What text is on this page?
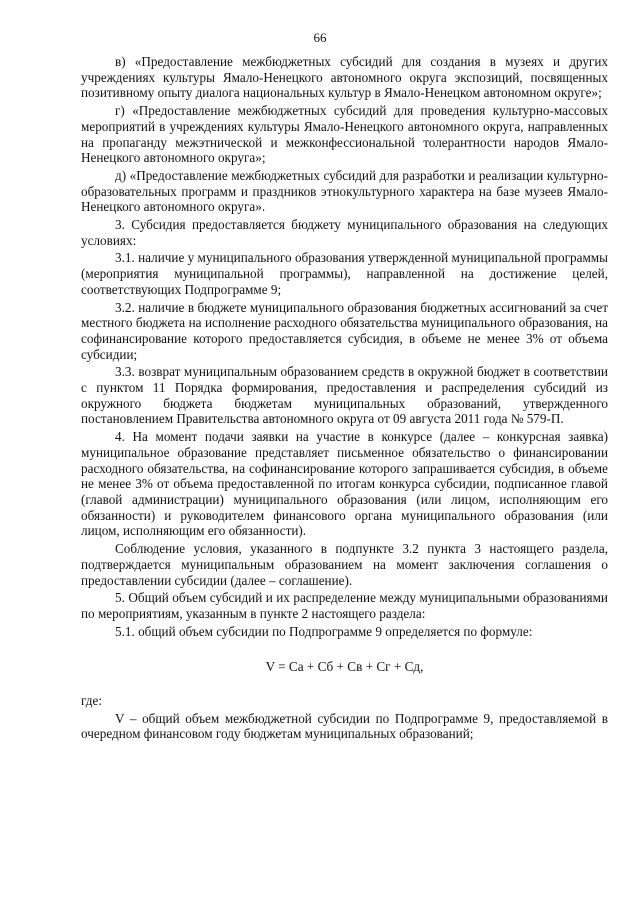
66

в) «Предоставление межбюджетных субсидий для создания в музеях и других учреждениях культуры Ямало-Ненецкого автономного округа экспозиций, посвященных позитивному опыту диалога национальных культур в Ямало-Ненецком автономном округе»;

г) «Предоставление межбюджетных субсидий для проведения культурно-массовых мероприятий в учреждениях культуры Ямало-Ненецкого автономного округа, направленных на пропаганду межэтнической и межконфессиональной толерантности народов Ямало-Ненецкого автономного округа»;

д) «Предоставление межбюджетных субсидий для разработки и реализации культурно-образовательных программ и праздников этнокультурного характера на базе музеев Ямало-Ненецкого автономного округа».

3. Субсидия предоставляется бюджету муниципального образования на следующих условиях:

3.1. наличие у муниципального образования утвержденной муниципальной программы (мероприятия муниципальной программы), направленной на достижение целей, соответствующих Подпрограмме 9;

3.2. наличие в бюджете муниципального образования бюджетных ассигнований за счет местного бюджета на исполнение расходного обязательства муниципального образования, на софинансирование которого предоставляется субсидия, в объеме не менее 3% от объема субсидии;

3.3. возврат муниципальным образованием средств в окружной бюджет в соответствии с пунктом 11 Порядка формирования, предоставления и распределения субсидий из окружного бюджета бюджетам муниципальных образований, утвержденного постановлением Правительства автономного округа от 09 августа 2011 года № 579-П.

4. На момент подачи заявки на участие в конкурсе (далее – конкурсная заявка) муниципальное образование представляет письменное обязательство о финансировании расходного обязательства, на софинансирование которого запрашивается субсидия, в объеме не менее 3% от объема предоставленной по итогам конкурса субсидии, подписанное главой (главой администрации) муниципального образования (или лицом, исполняющим его обязанности) и руководителем финансового органа муниципального образования (или лицом, исполняющим его обязанности).

Соблюдение условия, указанного в подпункте 3.2 пункта 3 настоящего раздела, подтверждается муниципальным образованием на момент заключения соглашения о предоставлении субсидии (далее – соглашение).

5. Общий объем субсидий и их распределение между муниципальными образованиями по мероприятиям, указанным в пункте 2 настоящего раздела:

5.1. общий объем субсидии по Подпрограмме 9 определяется по формуле:

V = Са + Сб + Св + Сг + Сд,

где:

V – общий объем межбюджетной субсидии по Подпрограмме 9, предоставляемой в очередном финансовом году бюджетам муниципальных образований;
